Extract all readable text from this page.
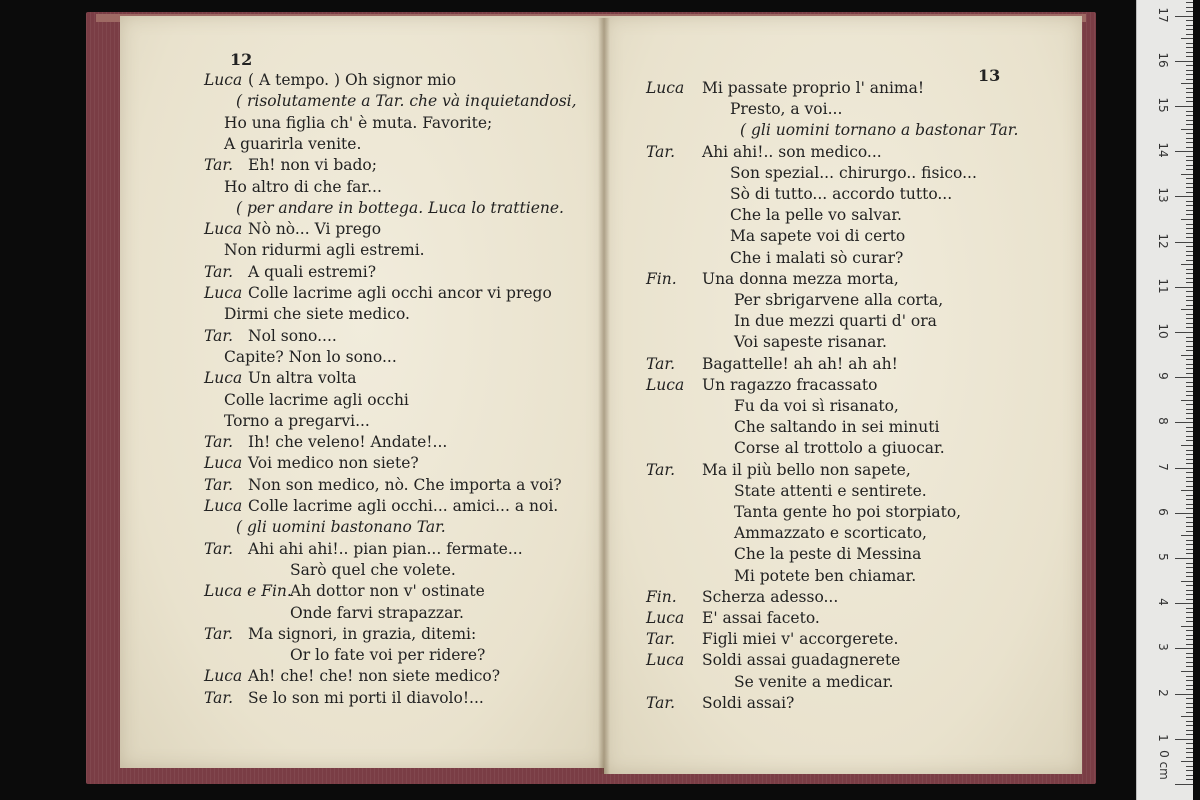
12
Luca ( A tempo. ) Oh signor mio
( risolutamente a Tar. che và inquietandosi,
Ho una figlia ch' è muta. Favorite;
A guarirla venite.
Tar. Eh! non vi bado;
Ho altro di che far...
( per andare in bottega. Luca lo trattiene.
Luca Nò nò... Vi prego
Non ridurmi agli estremi.
Tar. A quali estremi?
Luca Colle lacrime agli occhi ancor vi prego
Dirmi che siete medico.
Tar. Nol sono....
Capite? Non lo sono...
Luca Un altra volta
Colle lacrime agli occhi
Torno a pregarvi...
Tar. Ih! che veleno! Andate!...
Luca Voi medico non siete?
Tar. Non son medico, nò. Che importa a voi?
Luca Colle lacrime agli occhi... amici... a noi.
( gli uomini bastonano Tar.
Tar. Ahi ahi ahi!.. pian pian... fermate...
Sarò quel che volete.
Luca e Fin.Ah dottor non v' ostinate
Onde farvi strapazzar.
Tar. Ma signori, in grazia, ditemi:
Or lo fate voi per ridere?
Luca Ah! che! che! non siete medico?
Tar. Se lo son mi porti il diavolo!...
13
Luca Mi passate proprio l' anima!
Presto, a voi...
( gli uomini tornano a bastonar Tar.
Tar. Ahi ahi!.. son medico...
Son spezial... chirurgo.. fisico...
Sò di tutto... accordo tutto...
Che la pelle vo salvar.
Ma sapete voi di certo
Che i malati sò curar?
Fin. Una donna mezza morta,
Per sbrigarvene alla corta,
In due mezzi quarti d' ora
Voi sapeste risanar.
Tar. Bagattelle! ah ah! ah ah!
Luca Un ragazzo fracassato
Fu da voi sì risanato,
Che saltando in sei minuti
Corse al trottolo a giuocar.
Tar. Ma il più bello non sapete,
State attenti e sentirete.
Tanta gente ho poi storpiato,
Ammazzato e scorticato,
Che la peste di Messina
Mi potete ben chiamar.
Fin. Scherza adesso...
Luca E' assai faceto.
Tar. Figli miei v' accorgerete.
Luca Soldi assai guadagnerete
Se venite a medicar.
Tar. Soldi assai?
0 cm
1
2
3
4
5
6
7
8
9
10
11
12
13
14
15
16
17
